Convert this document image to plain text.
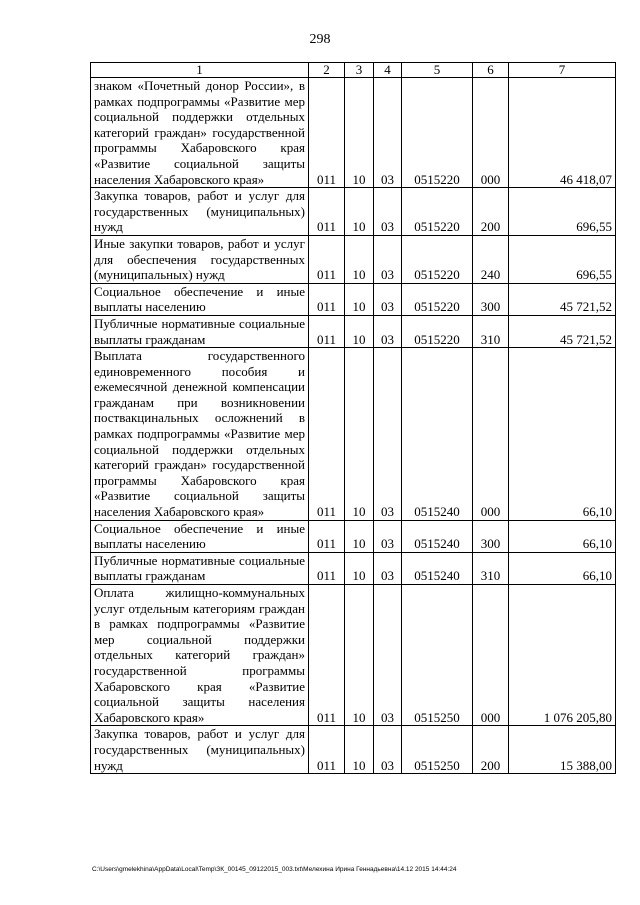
298
1	2	3	4	5	6	7
знаком «Почетный донор России», в рамках подпрограммы «Развитие мер социальной поддержки отдельных категорий граждан» государственной программы Хабаровского края «Развитие социальной защиты населения Хабаровского края»	011	10	03	0515220	000	46 418,07
Закупка товаров, работ и услуг для государственных (муниципальных) нужд	011	10	03	0515220	200	696,55
Иные закупки товаров, работ и услуг для обеспечения государственных (муниципальных) нужд	011	10	03	0515220	240	696,55
Социальное обеспечение и иные выплаты населению	011	10	03	0515220	300	45 721,52
Публичные нормативные социальные выплаты гражданам	011	10	03	0515220	310	45 721,52
Выплата государственного единовременного пособия и ежемесячной денежной компенсации гражданам при возникновении поствакцинальных осложнений в рамках подпрограммы «Развитие мер социальной поддержки отдельных категорий граждан» государственной программы Хабаровского края «Развитие социальной защиты населения Хабаровского края»	011	10	03	0515240	000	66,10
Социальное обеспечение и иные выплаты населению	011	10	03	0515240	300	66,10
Публичные нормативные социальные выплаты гражданам	011	10	03	0515240	310	66,10
Оплата жилищно-коммунальных услуг отдельным категориям граждан в рамках подпрограммы «Развитие мер социальной поддержки отдельных категорий граждан» государственной программы Хабаровского края «Развитие социальной защиты населения Хабаровского края»	011	10	03	0515250	000	1 076 205,80
Закупка товаров, работ и услуг для государственных (муниципальных) нужд	011	10	03	0515250	200	15 388,00
C:\Users\gmelekhina\AppData\Local\Temp\ЗК_00145_09122015_003.txt\Мелехина Ирина Геннадьевна\14.12 2015 14:44:24
